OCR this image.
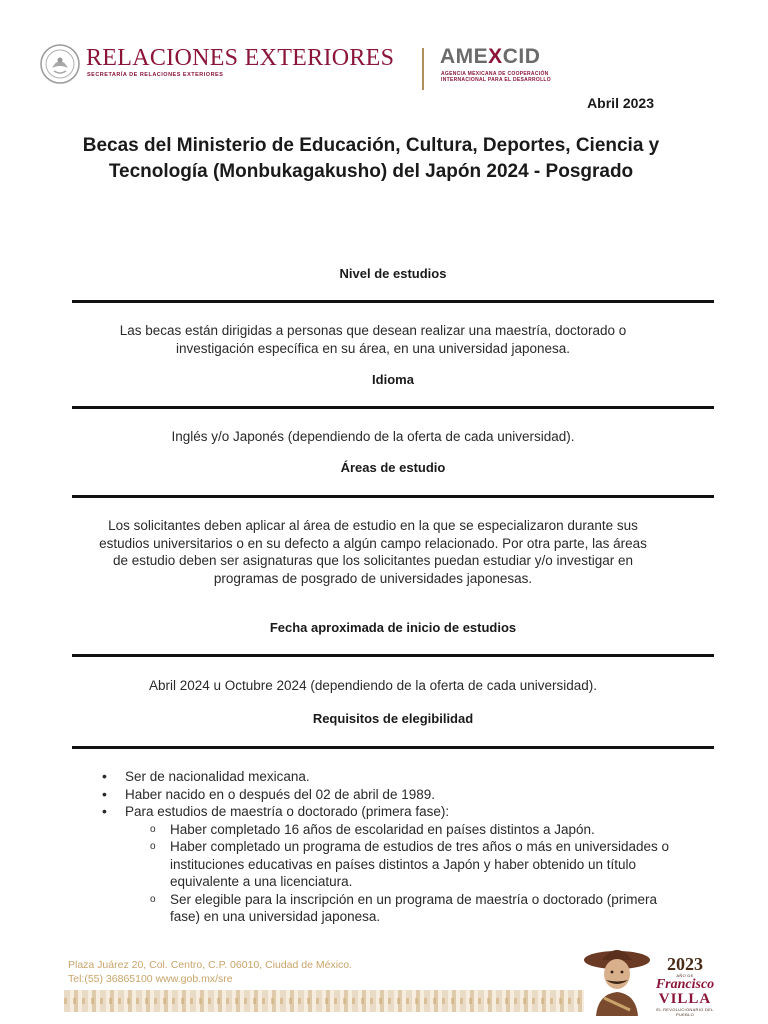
RELACIONES EXTERIORES
SECRETARÍA DE RELACIONES EXTERIORES
AMEXCID
AGENCIA MEXICANA DE COOPERACIÓN INTERNACIONAL PARA EL DESARROLLO
Abril 2023
Becas del Ministerio de Educación, Cultura, Deportes, Ciencia y Tecnología (Monbukagakusho) del Japón 2024 - Posgrado
Nivel de estudios
Las becas están dirigidas a personas que desean realizar una maestría, doctorado o investigación específica en su área, en una universidad japonesa.
Idioma
Inglés y/o Japonés (dependiendo de la oferta de cada universidad).
Áreas de estudio
Los solicitantes deben aplicar al área de estudio en la que se especializaron durante sus estudios universitarios o en su defecto a algún campo relacionado. Por otra parte, las áreas de estudio deben ser asignaturas que los solicitantes puedan estudiar y/o investigar en programas de posgrado de universidades japonesas.
Fecha aproximada de inicio de estudios
Abril 2024 u Octubre 2024 (dependiendo de la oferta de cada universidad).
Requisitos de elegibilidad
• Ser de nacionalidad mexicana.
• Haber nacido en o después del 02 de abril de 1989.
• Para estudios de maestría o doctorado (primera fase):
o Haber completado 16 años de escolaridad en países distintos a Japón.
o Haber completado un programa de estudios de tres años o más en universidades o instituciones educativas en países distintos a Japón y haber obtenido un título equivalente a una licenciatura.
o Ser elegible para la inscripción en un programa de maestría o doctorado (primera fase) en una universidad japonesa.
Plaza Juárez 20, Col. Centro, C.P. 06010, Ciudad de México.
Tel:(55) 36865100 www.gob.mx/sre
2023
AÑO DE
Francisco
VILLA
EL REVOLUCIONARIO DEL PUEBLO
